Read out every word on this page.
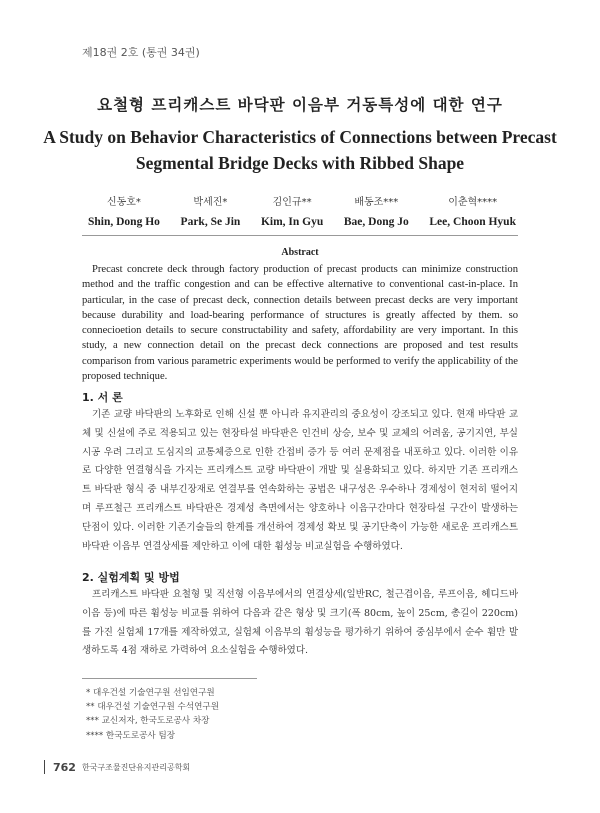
제18권 2호 (통권 34권)
요철형 프리캐스트 바닥판 이음부 거동특성에 대한 연구
A Study on Behavior Characteristics of Connections between Precast Segmental Bridge Decks with Ribbed Shape
신동호*
Shin, Dong Ho
박세진*
Park, Se Jin
김인규**
Kim, In Gyu
배동조***
Bae, Dong Jo
이춘혁****
Lee, Choon Hyuk
Abstract
Precast concrete deck through factory production of precast products can minimize construction method and the traffic congestion and can be effective alternative to conventional cast-in-place. In particular, in the case of precast deck, connection details between precast decks are very important because durability and load-bearing performance of structures is greatly affected by them. so connecioetion details to secure constructability and safety, affordability are very important. In this study, a new connection detail on the precast deck connections are proposed and test results comparison from various parametric experiments would be performed to verify the applicability of the proposed technique.
1. 서 론
기존 교량 바닥판의 노후화로 인해 신설 뿐 아니라 유지관리의 중요성이 강조되고 있다. 현재 바닥판 교체 및 신설에 주로 적용되고 있는 현장타설 바닥판은 인건비 상승, 보수 및 교체의 어려움, 공기지연, 부실시공 우려 그리고 도심지의 교통체증으로 인한 간접비 증가 등 여러 문제점을 내포하고 있다. 이러한 이유로 다양한 연결형식을 가지는 프리캐스트 교량 바닥판이 개발 및 실용화되고 있다. 하지만 기존 프리캐스트 바닥판 형식 중 내부긴장재로 연결부를 연속화하는 공법은 내구성은 우수하나 경제성이 현저히 떨어지며 루프철근 프리캐스트 바닥판은 경제성 측면에서는 양호하나 이음구간마다 현장타설 구간이 발생하는 단점이 있다. 이러한 기존기술들의 한계를 개선하여 경제성 확보 및 공기단축이 가능한 새로운 프리캐스트 바닥판 이음부 연결상세를 제안하고 이에 대한 휨성능 비교실험을 수행하였다.
2. 실험계획 및 방법
프리캐스트 바닥판 요철형 및 직선형 이음부에서의 연결상세(일반RC, 철근겹이음, 루프이음, 헤디드바 이음 등)에 따른 휨성능 비교를 위하여 다음과 같은 형상 및 크기(폭 80cm, 높이 25cm, 총길이 220cm)를 가진 실험체 17개를 제작하였고, 실험체 이음부의 휨성능을 평가하기 위하여 중심부에서 순수 휨만 발생하도록 4점 재하로 가력하여 요소실험을 수행하였다.
* 대우건설 기술연구원 선임연구원
** 대우건설 기술연구원 수석연구원
*** 교신저자, 한국도로공사 차장
**** 한국도로공사 팀장
762 한국구조물진단유지관리공학회
